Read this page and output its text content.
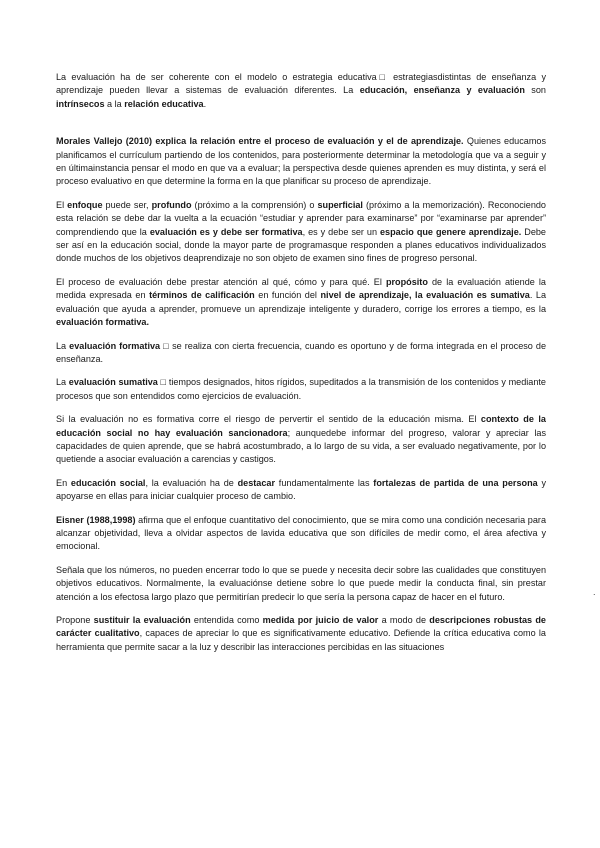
La evaluación ha de ser coherente con el modelo o estrategia educativa□ estrategiasdistintas de enseñanza y aprendizaje pueden llevar a sistemas de evaluación diferentes. La educación, enseñanza y evaluación son intrínsecos a la relación educativa.

Morales Vallejo (2010) explica la relación entre el proceso de evaluación y el de aprendizaje. Quienes educamos planificamos el currículum partiendo de los contenidos, para posteriormente determinar la metodología que va a seguir y en últimainstancia pensar el modo en que va a evaluar; la perspectiva desde quienes aprenden es muy distinta, y será el proceso evaluativo en que determine la forma en la que planificar su proceso de aprendizaje.

El enfoque puede ser, profundo (próximo a la comprensión) o superficial (próximo a la memorización). Reconociendo esta relación se debe dar la vuelta a la ecuación “estudiar y aprender para examinarse” por “examinarse par aprender” comprendiendo que la evaluación es y debe ser formativa, es y debe ser un espacio que genere aprendizaje. Debe ser así en la educación social, donde la mayor parte de programasque responden a planes educativos individualizados donde muchos de los objetivos deaprendizaje no son objeto de examen sino fines de progreso personal.

El proceso de evaluación debe prestar atención al qué, cómo y para qué. El propósito de la evaluación atiende la medida expresada en términos de calificación en función del nivel de aprendizaje, la evaluación es sumativa. La evaluación que ayuda a aprender, promueve un aprendizaje inteligente y duradero, corrige los errores a tiempo, es la evaluación formativa.

La evaluación formativa □ se realiza con cierta frecuencia, cuando es oportuno y de forma integrada en el proceso de enseñanza.

La evaluación sumativa □ tiempos designados, hitos rígidos, supeditados a la transmisión de los contenidos y mediante procesos que son entendidos como ejercicios de evaluación.

Si la evaluación no es formativa corre el riesgo de pervertir el sentido de la educación misma. El contexto de la educación social no hay evaluación sancionadora; aunquedebe informar del progreso, valorar y apreciar las capacidades de quien aprende, que se habrá acostumbrado, a lo largo de su vida, a ser evaluado negativamente, por lo quetiende a asociar evaluación a carencias y castigos.

En educación social, la evaluación ha de destacar fundamentalmente las fortalezas de partida de una persona y apoyarse en ellas para iniciar cualquier proceso de cambio.

Eisner (1988,1998) afirma que el enfoque cuantitativo del conocimiento, que se mira como una condición necesaria para alcanzar objetividad, lleva a olvidar aspectos de lavida educativa que son difíciles de medir como, el área afectiva y emocional.

Señala que los números, no pueden encerrar todo lo que se puede y necesita decir sobre las cualidades que constituyen objetivos educativos. Normalmente, la evaluaciónse detiene sobre lo que puede medir la conducta final, sin prestar atención a los efectosa largo plazo que permitirían predecir lo que sería la persona capaz de hacer en el futuro.

Propone sustituir la evaluación entendida como medida por juicio de valor a modo de descripciones robustas de carácter cualitativo, capaces de apreciar lo que es significativamente educativo. Defiende la crítica educativa como la herramienta que permite sacar a la luz y describir las interacciones percibidas en las situaciones

.
